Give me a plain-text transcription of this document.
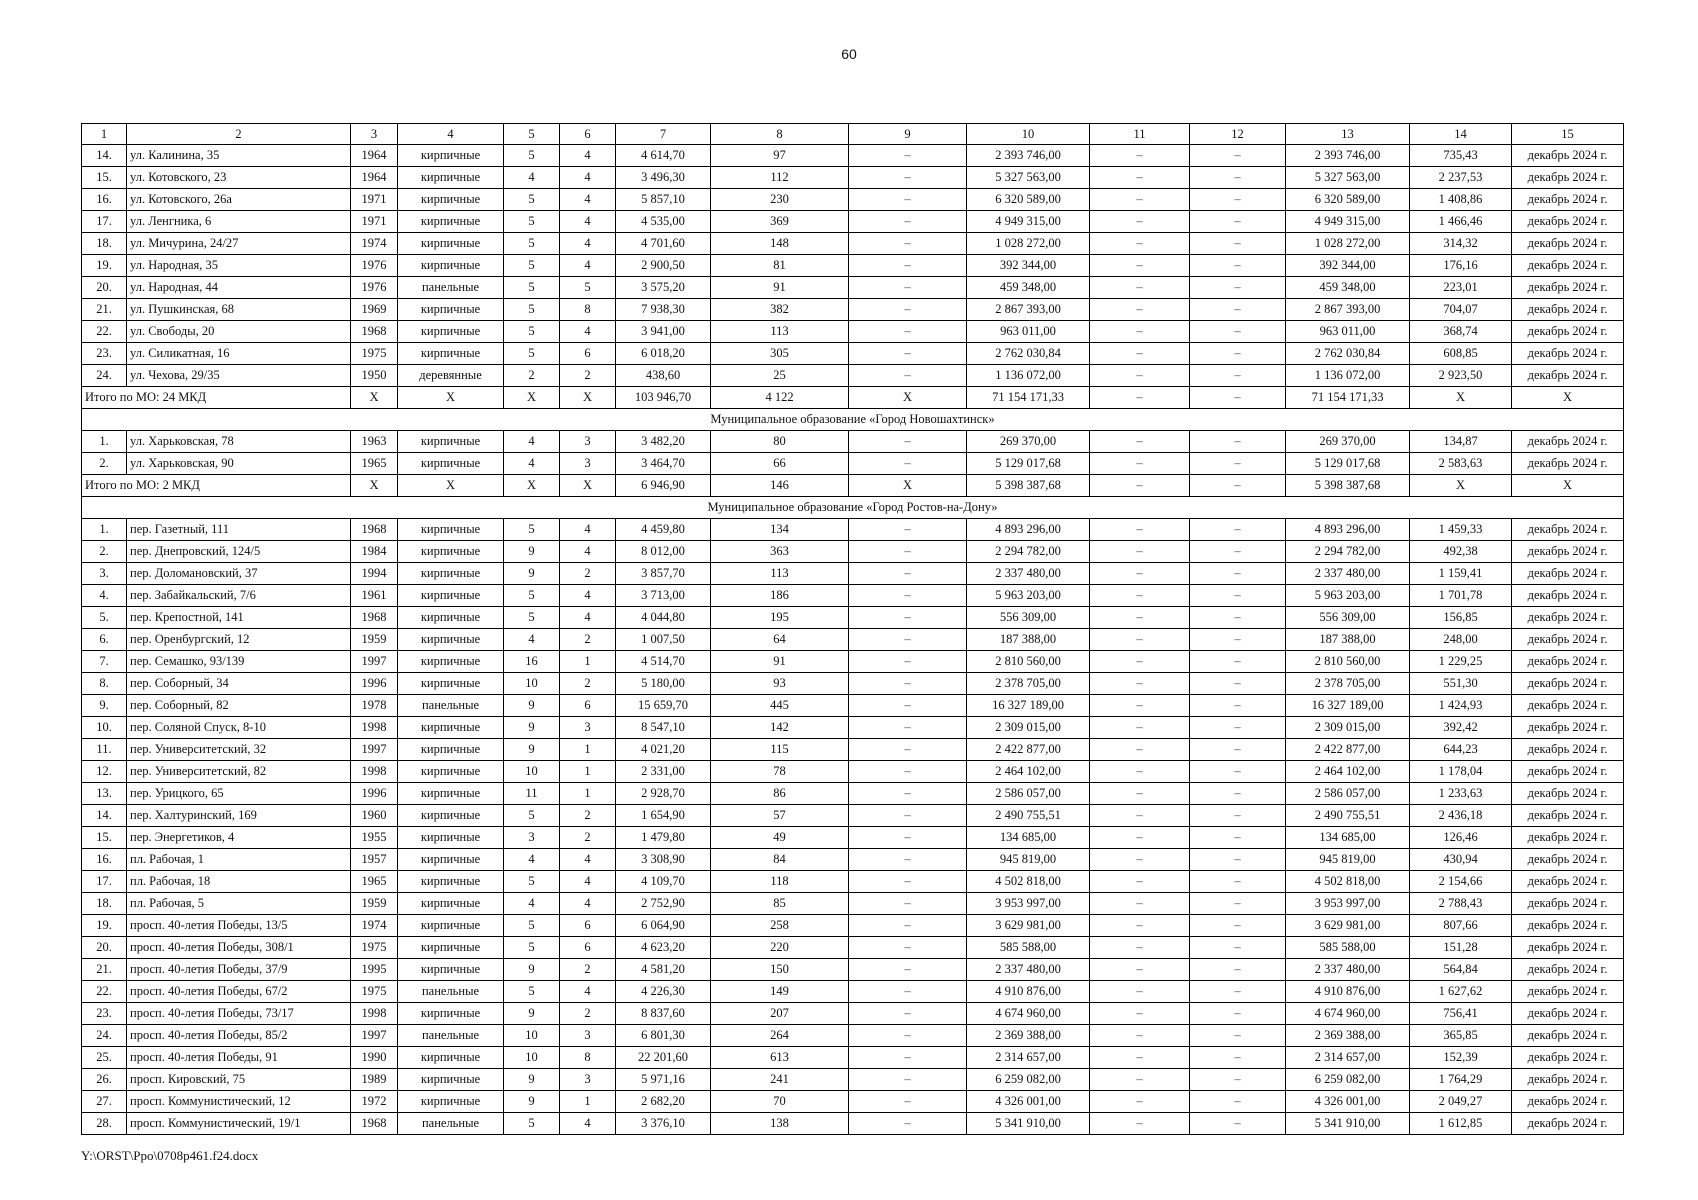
60
1	2	3	4	5	6	7	8	9	10	11	12	13	14	15
14.	ул. Калинина, 35	1964	кирпичные	5	4	4 614,70	97	–	2 393 746,00	–	–	2 393 746,00	735,43	декабрь 2024 г.
15.	ул. Котовского, 23	1964	кирпичные	4	4	3 496,30	112	–	5 327 563,00	–	–	5 327 563,00	2 237,53	декабрь 2024 г.
16.	ул. Котовского, 26а	1971	кирпичные	5	4	5 857,10	230	–	6 320 589,00	–	–	6 320 589,00	1 408,86	декабрь 2024 г.
17.	ул. Ленгника, 6	1971	кирпичные	5	4	4 535,00	369	–	4 949 315,00	–	–	4 949 315,00	1 466,46	декабрь 2024 г.
18.	ул. Мичурина, 24/27	1974	кирпичные	5	4	4 701,60	148	–	1 028 272,00	–	–	1 028 272,00	314,32	декабрь 2024 г.
19.	ул. Народная, 35	1976	кирпичные	5	4	2 900,50	81	–	392 344,00	–	–	392 344,00	176,16	декабрь 2024 г.
20.	ул. Народная, 44	1976	панельные	5	5	3 575,20	91	–	459 348,00	–	–	459 348,00	223,01	декабрь 2024 г.
21.	ул. Пушкинская, 68	1969	кирпичные	5	8	7 938,30	382	–	2 867 393,00	–	–	2 867 393,00	704,07	декабрь 2024 г.
22.	ул. Свободы, 20	1968	кирпичные	5	4	3 941,00	113	–	963 011,00	–	–	963 011,00	368,74	декабрь 2024 г.
23.	ул. Силикатная, 16	1975	кирпичные	5	6	6 018,20	305	–	2 762 030,84	–	–	2 762 030,84	608,85	декабрь 2024 г.
24.	ул. Чехова, 29/35	1950	деревянные	2	2	438,60	25	–	1 136 072,00	–	–	1 136 072,00	2 923,50	декабрь 2024 г.
Итого по МО: 24 МКД		X	X	X	X	103 946,70	4 122	X	71 154 171,33	–	–	71 154 171,33	X	X
Муниципальное образование «Город Новошахтинск»														
1.	ул. Харьковская, 78	1963	кирпичные	4	3	3 482,20	80	–	269 370,00	–	–	269 370,00	134,87	декабрь 2024 г.
2.	ул. Харьковская, 90	1965	кирпичные	4	3	3 464,70	66	–	5 129 017,68	–	–	5 129 017,68	2 583,63	декабрь 2024 г.
Итого по МО: 2 МКД		X	X	X	X	6 946,90	146	X	5 398 387,68	–	–	5 398 387,68	X	X
Муниципальное образование «Город Ростов-на-Дону»														
1.	пер. Газетный, 111	1968	кирпичные	5	4	4 459,80	134	–	4 893 296,00	–	–	4 893 296,00	1 459,33	декабрь 2024 г.
2.	пер. Днепровский, 124/5	1984	кирпичные	9	4	8 012,00	363	–	2 294 782,00	–	–	2 294 782,00	492,38	декабрь 2024 г.
3.	пер. Доломановский, 37	1994	кирпичные	9	2	3 857,70	113	–	2 337 480,00	–	–	2 337 480,00	1 159,41	декабрь 2024 г.
4.	пер. Забайкальский, 7/6	1961	кирпичные	5	4	3 713,00	186	–	5 963 203,00	–	–	5 963 203,00	1 701,78	декабрь 2024 г.
5.	пер. Крепостной, 141	1968	кирпичные	5	4	4 044,80	195	–	556 309,00	–	–	556 309,00	156,85	декабрь 2024 г.
6.	пер. Оренбургский, 12	1959	кирпичные	4	2	1 007,50	64	–	187 388,00	–	–	187 388,00	248,00	декабрь 2024 г.
7.	пер. Семашко, 93/139	1997	кирпичные	16	1	4 514,70	91	–	2 810 560,00	–	–	2 810 560,00	1 229,25	декабрь 2024 г.
8.	пер. Соборный, 34	1996	кирпичные	10	2	5 180,00	93	–	2 378 705,00	–	–	2 378 705,00	551,30	декабрь 2024 г.
9.	пер. Соборный, 82	1978	панельные	9	6	15 659,70	445	–	16 327 189,00	–	–	16 327 189,00	1 424,93	декабрь 2024 г.
10.	пер. Соляной Спуск, 8-10	1998	кирпичные	9	3	8 547,10	142	–	2 309 015,00	–	–	2 309 015,00	392,42	декабрь 2024 г.
11.	пер. Университетский, 32	1997	кирпичные	9	1	4 021,20	115	–	2 422 877,00	–	–	2 422 877,00	644,23	декабрь 2024 г.
12.	пер. Университетский, 82	1998	кирпичные	10	1	2 331,00	78	–	2 464 102,00	–	–	2 464 102,00	1 178,04	декабрь 2024 г.
13.	пер. Урицкого, 65	1996	кирпичные	11	1	2 928,70	86	–	2 586 057,00	–	–	2 586 057,00	1 233,63	декабрь 2024 г.
14.	пер. Халтуринский, 169	1960	кирпичные	5	2	1 654,90	57	–	2 490 755,51	–	–	2 490 755,51	2 436,18	декабрь 2024 г.
15.	пер. Энергетиков, 4	1955	кирпичные	3	2	1 479,80	49	–	134 685,00	–	–	134 685,00	126,46	декабрь 2024 г.
16.	пл. Рабочая, 1	1957	кирпичные	4	4	3 308,90	84	–	945 819,00	–	–	945 819,00	430,94	декабрь 2024 г.
17.	пл. Рабочая, 18	1965	кирпичные	5	4	4 109,70	118	–	4 502 818,00	–	–	4 502 818,00	2 154,66	декабрь 2024 г.
18.	пл. Рабочая, 5	1959	кирпичные	4	4	2 752,90	85	–	3 953 997,00	–	–	3 953 997,00	2 788,43	декабрь 2024 г.
19.	просп. 40-летия Победы, 13/5	1974	кирпичные	5	6	6 064,90	258	–	3 629 981,00	–	–	3 629 981,00	807,66	декабрь 2024 г.
20.	просп. 40-летия Победы, 308/1	1975	кирпичные	5	6	4 623,20	220	–	585 588,00	–	–	585 588,00	151,28	декабрь 2024 г.
21.	просп. 40-летия Победы, 37/9	1995	кирпичные	9	2	4 581,20	150	–	2 337 480,00	–	–	2 337 480,00	564,84	декабрь 2024 г.
22.	просп. 40-летия Победы, 67/2	1975	панельные	5	4	4 226,30	149	–	4 910 876,00	–	–	4 910 876,00	1 627,62	декабрь 2024 г.
23.	просп. 40-летия Победы, 73/17	1998	кирпичные	9	2	8 837,60	207	–	4 674 960,00	–	–	4 674 960,00	756,41	декабрь 2024 г.
24.	просп. 40-летия Победы, 85/2	1997	панельные	10	3	6 801,30	264	–	2 369 388,00	–	–	2 369 388,00	365,85	декабрь 2024 г.
25.	просп. 40-летия Победы, 91	1990	кирпичные	10	8	22 201,60	613	–	2 314 657,00	–	–	2 314 657,00	152,39	декабрь 2024 г.
26.	просп. Кировский, 75	1989	кирпичные	9	3	5 971,16	241	–	6 259 082,00	–	–	6 259 082,00	1 764,29	декабрь 2024 г.
27.	просп. Коммунистический, 12	1972	кирпичные	9	1	2 682,20	70	–	4 326 001,00	–	–	4 326 001,00	2 049,27	декабрь 2024 г.
28.	просп. Коммунистический, 19/1	1968	панельные	5	4	3 376,10	138	–	5 341 910,00	–	–	5 341 910,00	1 612,85	декабрь 2024 г.
Y:\ORST\Ppo\0708p461.f24.docx
